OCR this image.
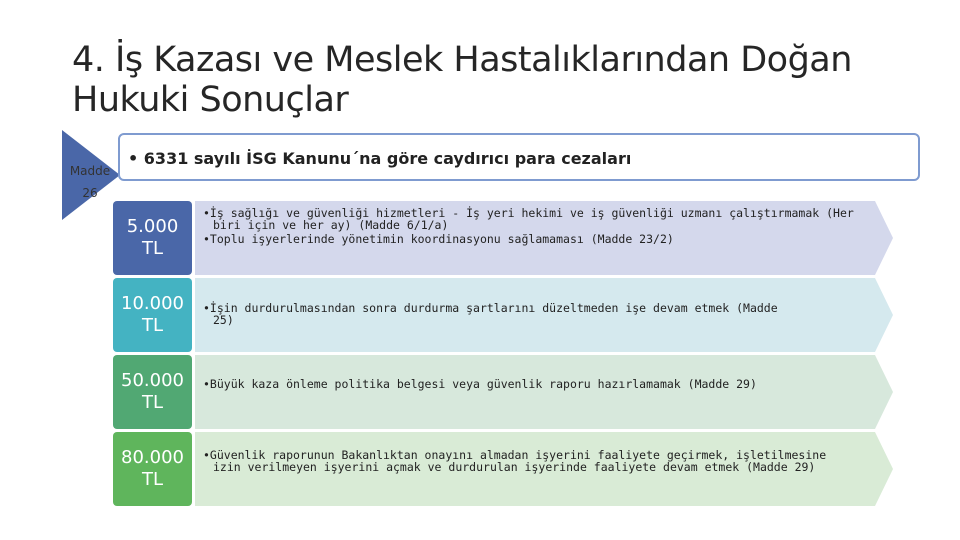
4. İş Kazası ve Meslek Hastalıklarından Doğan
Hukuki Sonuçlar
Madde
26
• 6331 sayılı İSG Kanunu´na göre caydırıcı para cezaları
5.000
TL
•İş sağlığı ve güvenliği hizmetleri - İş yeri hekimi ve iş güvenliği uzmanı çalıştırmamak (Her
biri için ve her ay) (Madde 6/1/a)
•Toplu işyerlerinde yönetimin koordinasyonu sağlamaması (Madde 23/2)
10.000
TL
•İşin durdurulmasından sonra durdurma şartlarını düzeltmeden işe devam etmek (Madde
25)
50.000
TL
•Büyük kaza önleme politika belgesi veya güvenlik raporu hazırlamamak (Madde 29)
80.000
TL
•Güvenlik raporunun Bakanlıktan onayını almadan işyerini faaliyete geçirmek, işletilmesine
izin verilmeyen işyerini açmak ve durdurulan işyerinde faaliyete devam etmek (Madde 29)
